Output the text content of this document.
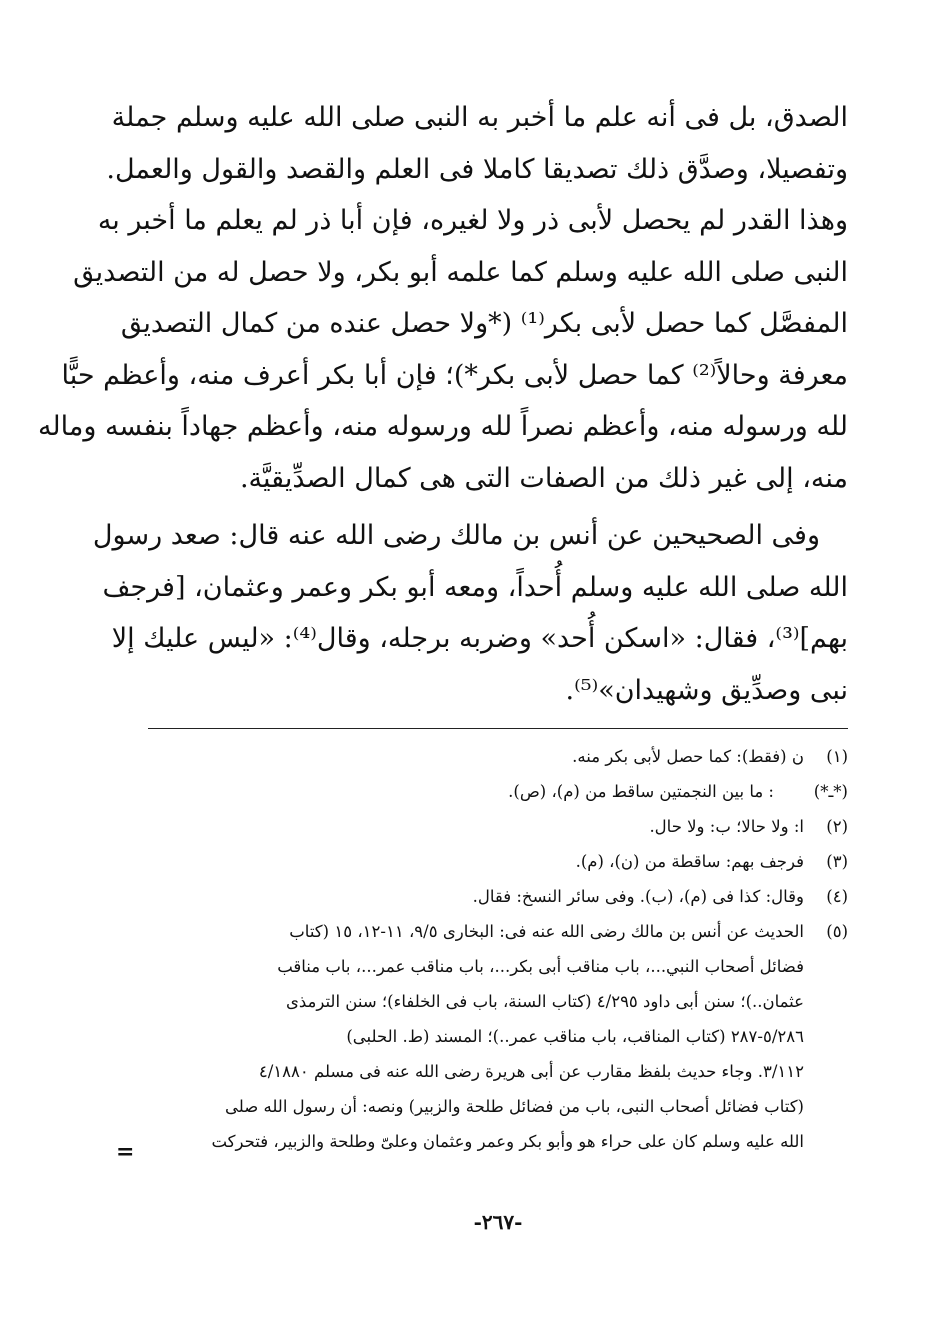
الصدق، بل فى أنه علم ما أخبر به النبى صلى الله عليه وسلم جملة
وتفصيلا، وصدَّق ذلك تصديقا كاملا فى العلم والقصد والقول والعمل.
وهذا القدر لم يحصل لأبى ذر ولا لغيره، فإن أبا ذر لم يعلم ما أخبر به
النبى صلى الله عليه وسلم كما علمه أبو بكر، ولا حصل له من التصديق
المفصَّل كما حصل لأبى بكر⁽¹⁾ (*ولا حصل عنده من كمال التصديق
معرفة وحالاً⁽²⁾ كما حصل لأبى بكر*)؛ فإن أبا بكر أعرف منه، وأعظم حبًّا
لله ورسوله منه، وأعظم نصراً لله ورسوله منه، وأعظم جهاداً بنفسه وماله
منه، إلى غير ذلك من الصفات التى هى كمال الصدِّيقيَّة.
وفى الصحيحين عن أنس بن مالك رضى الله عنه قال: صعد رسول
الله صلى الله عليه وسلم أُحداً، ومعه أبو بكر وعمر وعثمان، [فرجف
بهم]⁽³⁾، فقال: «اسكن أُحد» وضربه برجله، وقال⁽⁴⁾: «ليس عليك إلا
نبى وصدِّيق وشهيدان»⁽⁵⁾.
(١)
ن (فقط): كما حصل لأبى بكر منه.
(*ـ*)
: ما بين النجمتين ساقط من (م)، (ص).
(٢)
ا: ولا حالا؛ ب: ولا حال.
(٣)
فرجف بهم: ساقطة من (ن)، (م).
(٤)
وقال: كذا فى (م)، (ب). وفى سائر النسخ: فقال.
(٥)
الحديث عن أنس بن مالك رضى الله عنه فى: البخارى ٩/٥، ١١-١٢، ١٥ (كتاب
فضائل أصحاب النبي...، باب مناقب أبى بكر...، باب مناقب عمر...، باب مناقب
عثمان..)؛ سنن أبى داود ٤/٢٩٥ (كتاب السنة، باب فى الخلفاء)؛ سنن الترمذى
٥/٢٨٦-٢٨٧ (كتاب المناقب، باب مناقب عمر..)؛ المسند (ط. الحلبى)
٣/١١٢. وجاء حديث بلفظ مقارب عن أبى هريرة رضى الله عنه فى مسلم ٤/١٨٨٠
(كتاب فضائل أصحاب النبى، باب من فضائل طلحة والزبير) ونصه: أن رسول الله صلى
الله عليه وسلم كان على حراء هو وأبو بكر وعمر وعثمان وعلىّ وطلحة والزبير، فتحركت
=
-٢٦٧-
